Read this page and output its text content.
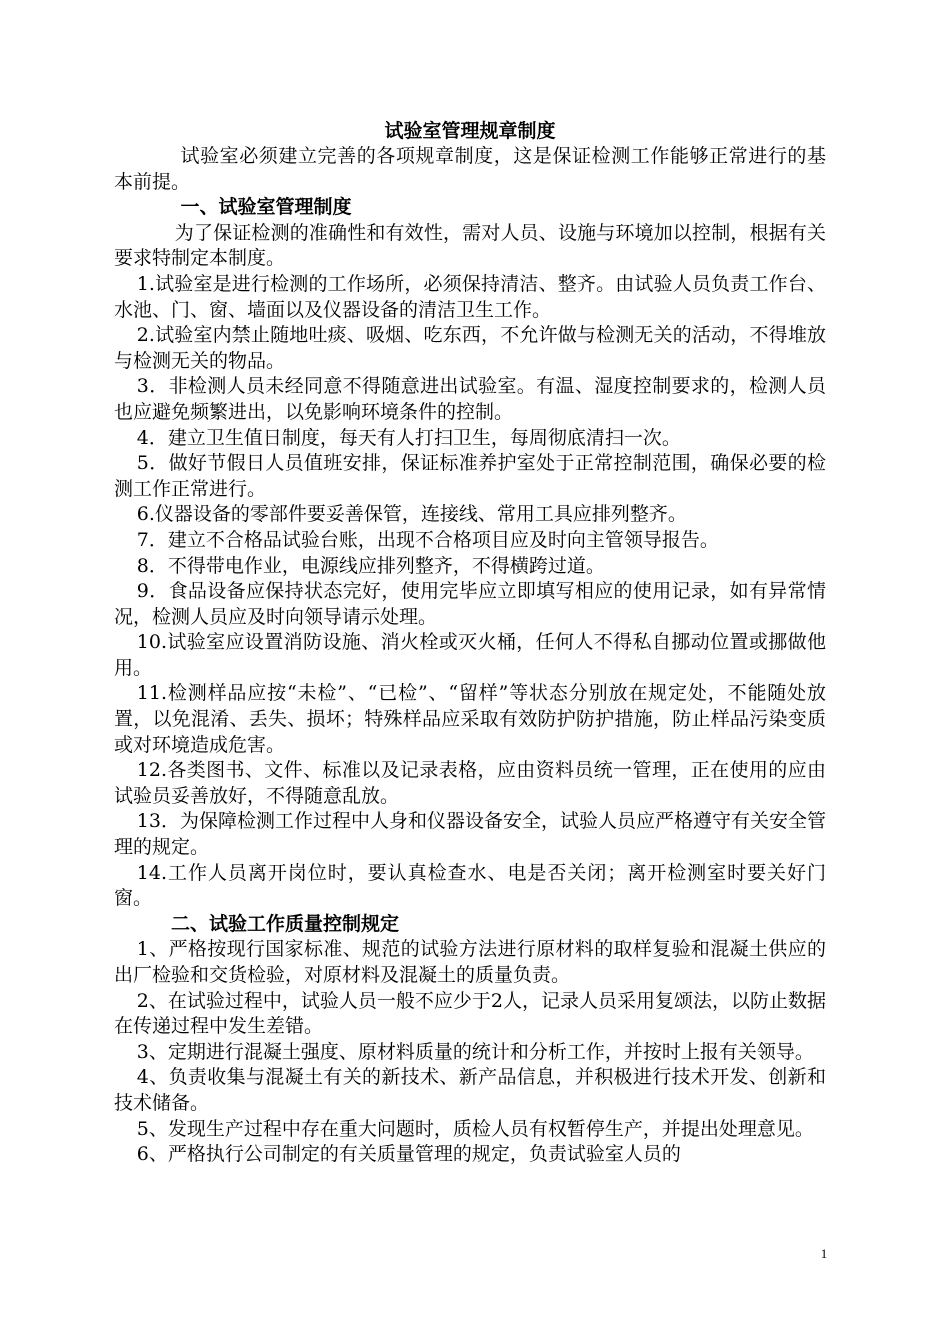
试验室管理规章制度

试验室必须建立完善的各项规章制度，这是保证检测工作能够正常进行的基本前提。

一、试验室管理制度

为了保证检测的准确性和有效性，需对人员、设施与环境加以控制，根据有关要求特制定本制度。

1.试验室是进行检测的工作场所，必须保持清洁、整齐。由试验人员负责工作台、水池、门、窗、墙面以及仪器设备的清洁卫生工作。

2.试验室内禁止随地吐痰、吸烟、吃东西，不允许做与检测无关的活动，不得堆放与检测无关的物品。

3．非检测人员未经同意不得随意进出试验室。有温、湿度控制要求的，检测人员也应避免频繁进出，以免影响环境条件的控制。

4．建立卫生值日制度，每天有人打扫卫生，每周彻底清扫一次。

5．做好节假日人员值班安排，保证标准养护室处于正常控制范围，确保必要的检测工作正常进行。

6.仪器设备的零部件要妥善保管，连接线、常用工具应排列整齐。

7．建立不合格品试验台账，出现不合格项目应及时向主管领导报告。

8．不得带电作业，电源线应排列整齐，不得横跨过道。

9．食品设备应保持状态完好，使用完毕应立即填写相应的使用记录，如有异常情况，检测人员应及时向领导请示处理。

10.试验室应设置消防设施、消火栓或灭火桶，任何人不得私自挪动位置或挪做他用。

11.检测样品应按“未检”、“已检”、“留样”等状态分别放在规定处，不能随处放置，以免混淆、丢失、损坏；特殊样品应采取有效防护防护措施，防止样品污染变质或对环境造成危害。

12.各类图书、文件、标准以及记录表格，应由资料员统一管理，正在使用的应由试验员妥善放好，不得随意乱放。

13．为保障检测工作过程中人身和仪器设备安全，试验人员应严格遵守有关安全管理的规定。

14.工作人员离开岗位时，要认真检查水、电是否关闭；离开检测室时要关好门窗。

二、试验工作质量控制规定

1、严格按现行国家标准、规范的试验方法进行原材料的取样复验和混凝土供应的出厂检验和交货检验，对原材料及混凝土的质量负责。

2、在试验过程中，试验人员一般不应少于2人，记录人员采用复颂法，以防止数据在传递过程中发生差错。

3、定期进行混凝土强度、原材料质量的统计和分析工作，并按时上报有关领导。

4、负责收集与混凝土有关的新技术、新产品信息，并积极进行技术开发、创新和技术储备。

5、发现生产过程中存在重大问题时，质检人员有权暂停生产，并提出处理意见。

6、严格执行公司制定的有关质量管理的规定，负责试验室人员的

1
